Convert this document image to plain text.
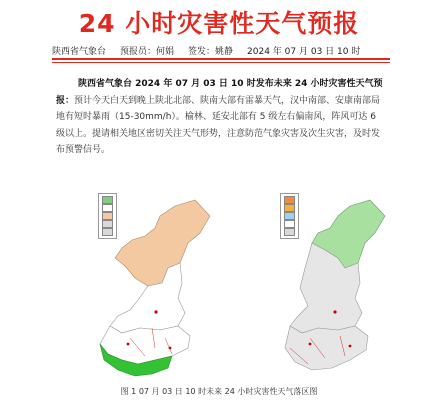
24 小时灾害性天气预报
陕西省气象台 预报员：何娟 签发：姚静 2024 年 07 月 03 日 10 时
陕西省气象台 2024 年 07 月 03 日 10 时发布未来 24 小时灾害性天气预报：预计今天白天到晚上陕北北部、陕南大部有雷暴天气，汉中南部、安康南部局地有短时暴雨（15-30mm/h）。榆林、延安北部有 5 级左右偏南风，阵风可达 6 级以上。提请相关地区密切关注天气形势，注意防范气象灾害及次生灾害，及时发布预警信号。
图 1 07 月 03 日 10 时未来 24 小时灾害性天气落区图
